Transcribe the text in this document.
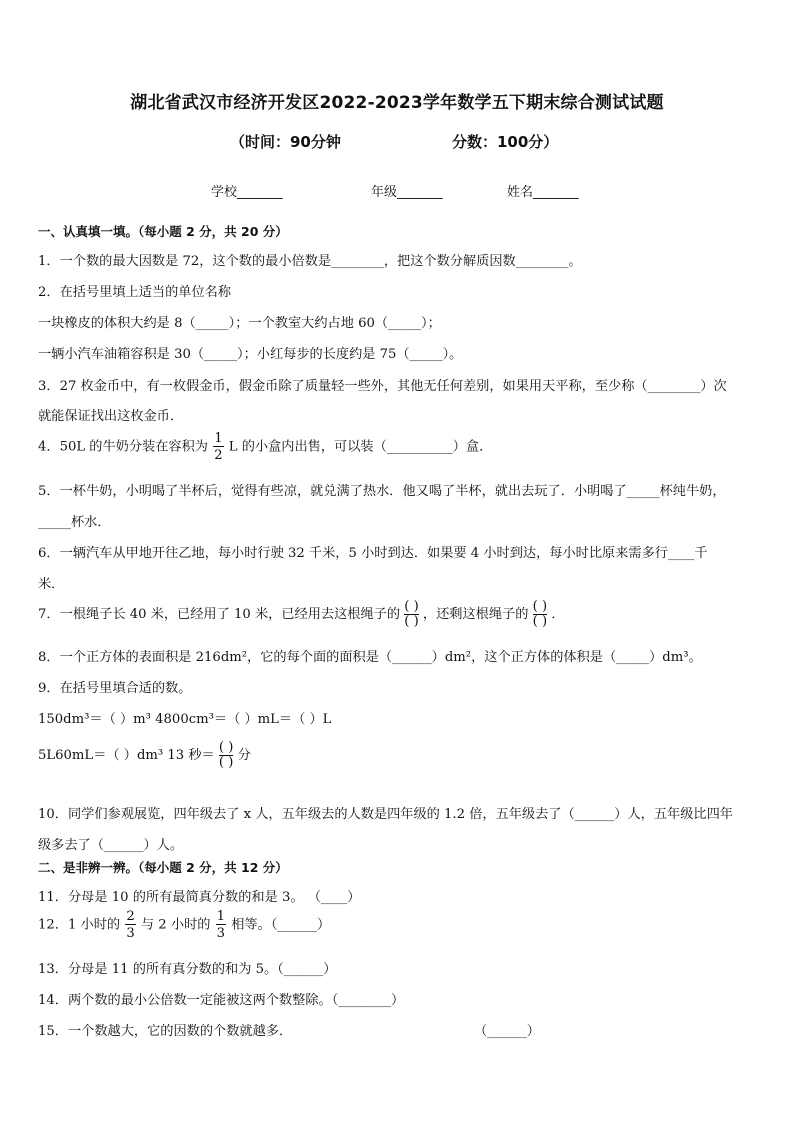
湖北省武汉市经济开发区2022-2023学年数学五下期末综合测试试题
（时间：90分钟	分数：100分）
学校_______	年级_______	姓名_______
一、认真填一填。（每小题 2 分，共 20 分）
1．一个数的最大因数是 72，这个数的最小倍数是________，把这个数分解质因数________。
2．在括号里填上适当的单位名称
一块橡皮的体积大约是 8（_____）；一个教室大约占地 60（_____）；
一辆小汽车油箱容积是 30（_____）；小红每步的长度约是 75（_____）。
3．27 枚金币中，有一枚假金币，假金币除了质量轻一些外，其他无任何差别，如果用天平称，至少称（________）次
就能保证找出这枚金币．
4．50L 的牛奶分装在容积为 $\frac{1}{2}$ L 的小盒内出售，可以装（__________）盒．
5．一杯牛奶，小明喝了半杯后，觉得有些凉，就兑满了热水．他又喝了半杯，就出去玩了．小明喝了_____杯纯牛奶，
_____杯水．
6．一辆汽车从甲地开往乙地，每小时行驶 32 千米，5 小时到达．如果要 4 小时到达，每小时比原来需多行____千
米．
7．一根绳子长 40 米，已经用了 10 米，已经用去这根绳子的 $\frac{( )}{( )}$ ，还剩这根绳子的 $\frac{( )}{( )}$ ．
8．一个正方体的表面积是 216dm²，它的每个面的面积是（______）dm²，这个正方体的体积是（_____）dm³。
9．在括号里填合适的数。
150dm³＝（ ）m³ 4800cm³＝（ ）mL＝（ ）L
5L60mL＝（ ）dm³ 13 秒＝ $\frac{( )}{( )}$ 分
10．同学们参观展览，四年级去了 x 人，五年级去的人数是四年级的 1.2 倍，五年级去了（______）人，五年级比四年
级多去了（______）人。
二、是非辨一辨。（每小题 2 分，共 12 分）
11．分母是 10 的所有最简真分数的和是 3。 （____）
12．1 小时的 $\frac{2}{3}$ 与 2 小时的 $\frac{1}{3}$ 相等。（______）
13．分母是 11 的所有真分数的和为 5。（______）
14．两个数的最小公倍数一定能被这两个数整除。（________）
15．一个数越大，它的因数的个数就越多．	（______）
